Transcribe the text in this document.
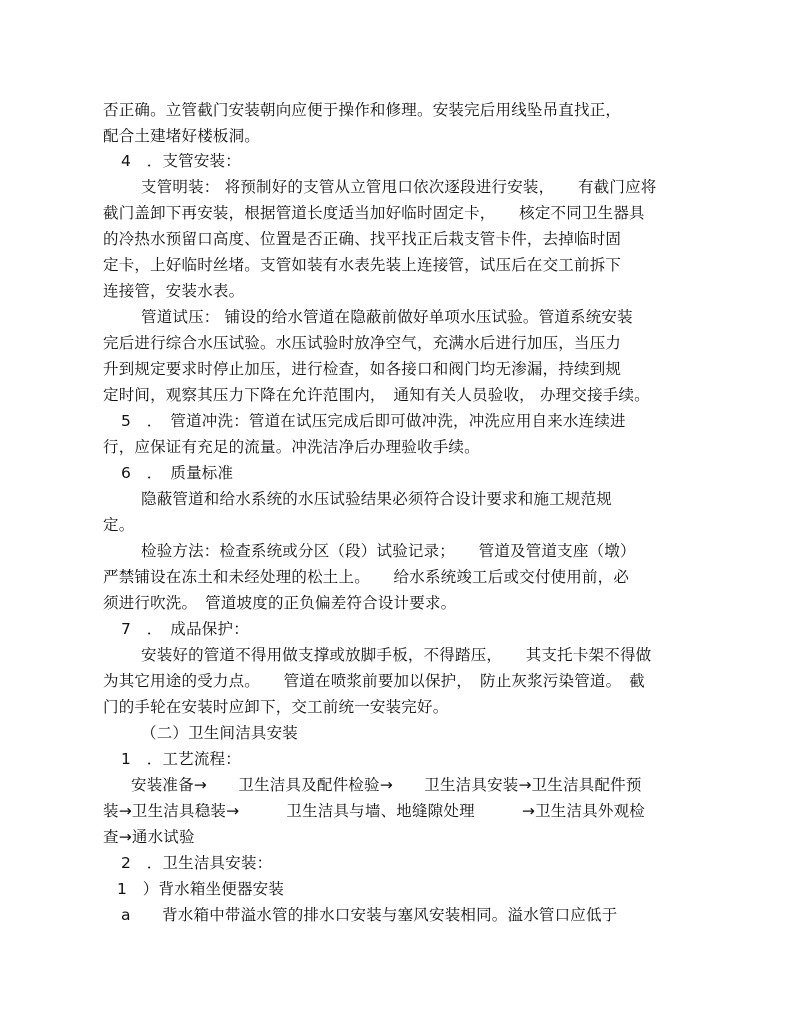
否正确。立管截门安装朝向应便于操作和修理。安装完后用线坠吊直找正，
配合土建堵好楼板洞。
4　．支管安装：
支管明装： 将预制好的支管从立管甩口依次逐段进行安装，　　有截门应将
截门盖卸下再安装，根据管道长度适当加好临时固定卡，　　核定不同卫生器具
的冷热水预留口高度、位置是否正确、找平找正后栽支管卡件，去掉临时固
定卡，上好临时丝堵。支管如装有水表先装上连接管，试压后在交工前拆下
连接管，安装水表。
管道试压： 铺设的给水管道在隐蔽前做好单项水压试验。管道系统安装
完后进行综合水压试验。水压试验时放净空气，充满水后进行加压，当压力
升到规定要求时停止加压，进行检查，如各接口和阀门均无渗漏，持续到规
定时间，观察其压力下降在允许范围内，　通知有关人员验收， 办理交接手续。
5　．　管道冲洗：管道在试压完成后即可做冲洗，冲洗应用自来水连续进
行，应保证有充足的流量。冲洗洁净后办理验收手续。
6　．　质量标准
隐蔽管道和给水系统的水压试验结果必须符合设计要求和施工规范规
定。
检验方法：检查系统或分区（段）试验记录；　　管道及管道支座（墩）
严禁铺设在冻土和未经处理的松土上。　　给水系统竣工后或交付使用前，必
须进行吹洗。　管道坡度的正负偏差符合设计要求。
7　．　成品保护：
安装好的管道不得用做支撑或放脚手板，不得踏压，　　其支托卡架不得做
为其它用途的受力点。　　管道在喷浆前要加以保护，　防止灰浆污染管道。　截
门的手轮在安装时应卸下，交工前统一安装完好。
（二）卫生间洁具安装
1　．工艺流程：
安装准备→　　卫生洁具及配件检验→　　卫生洁具安装→卫生洁具配件预
装→卫生洁具稳装→　　　卫生洁具与墙、地缝隙处理　　　→卫生洁具外观检
查→通水试验
2　．卫生洁具安装：
1　）背水箱坐便器安装
a　　背水箱中带溢水管的排水口安装与塞风安装相同。溢水管口应低于
